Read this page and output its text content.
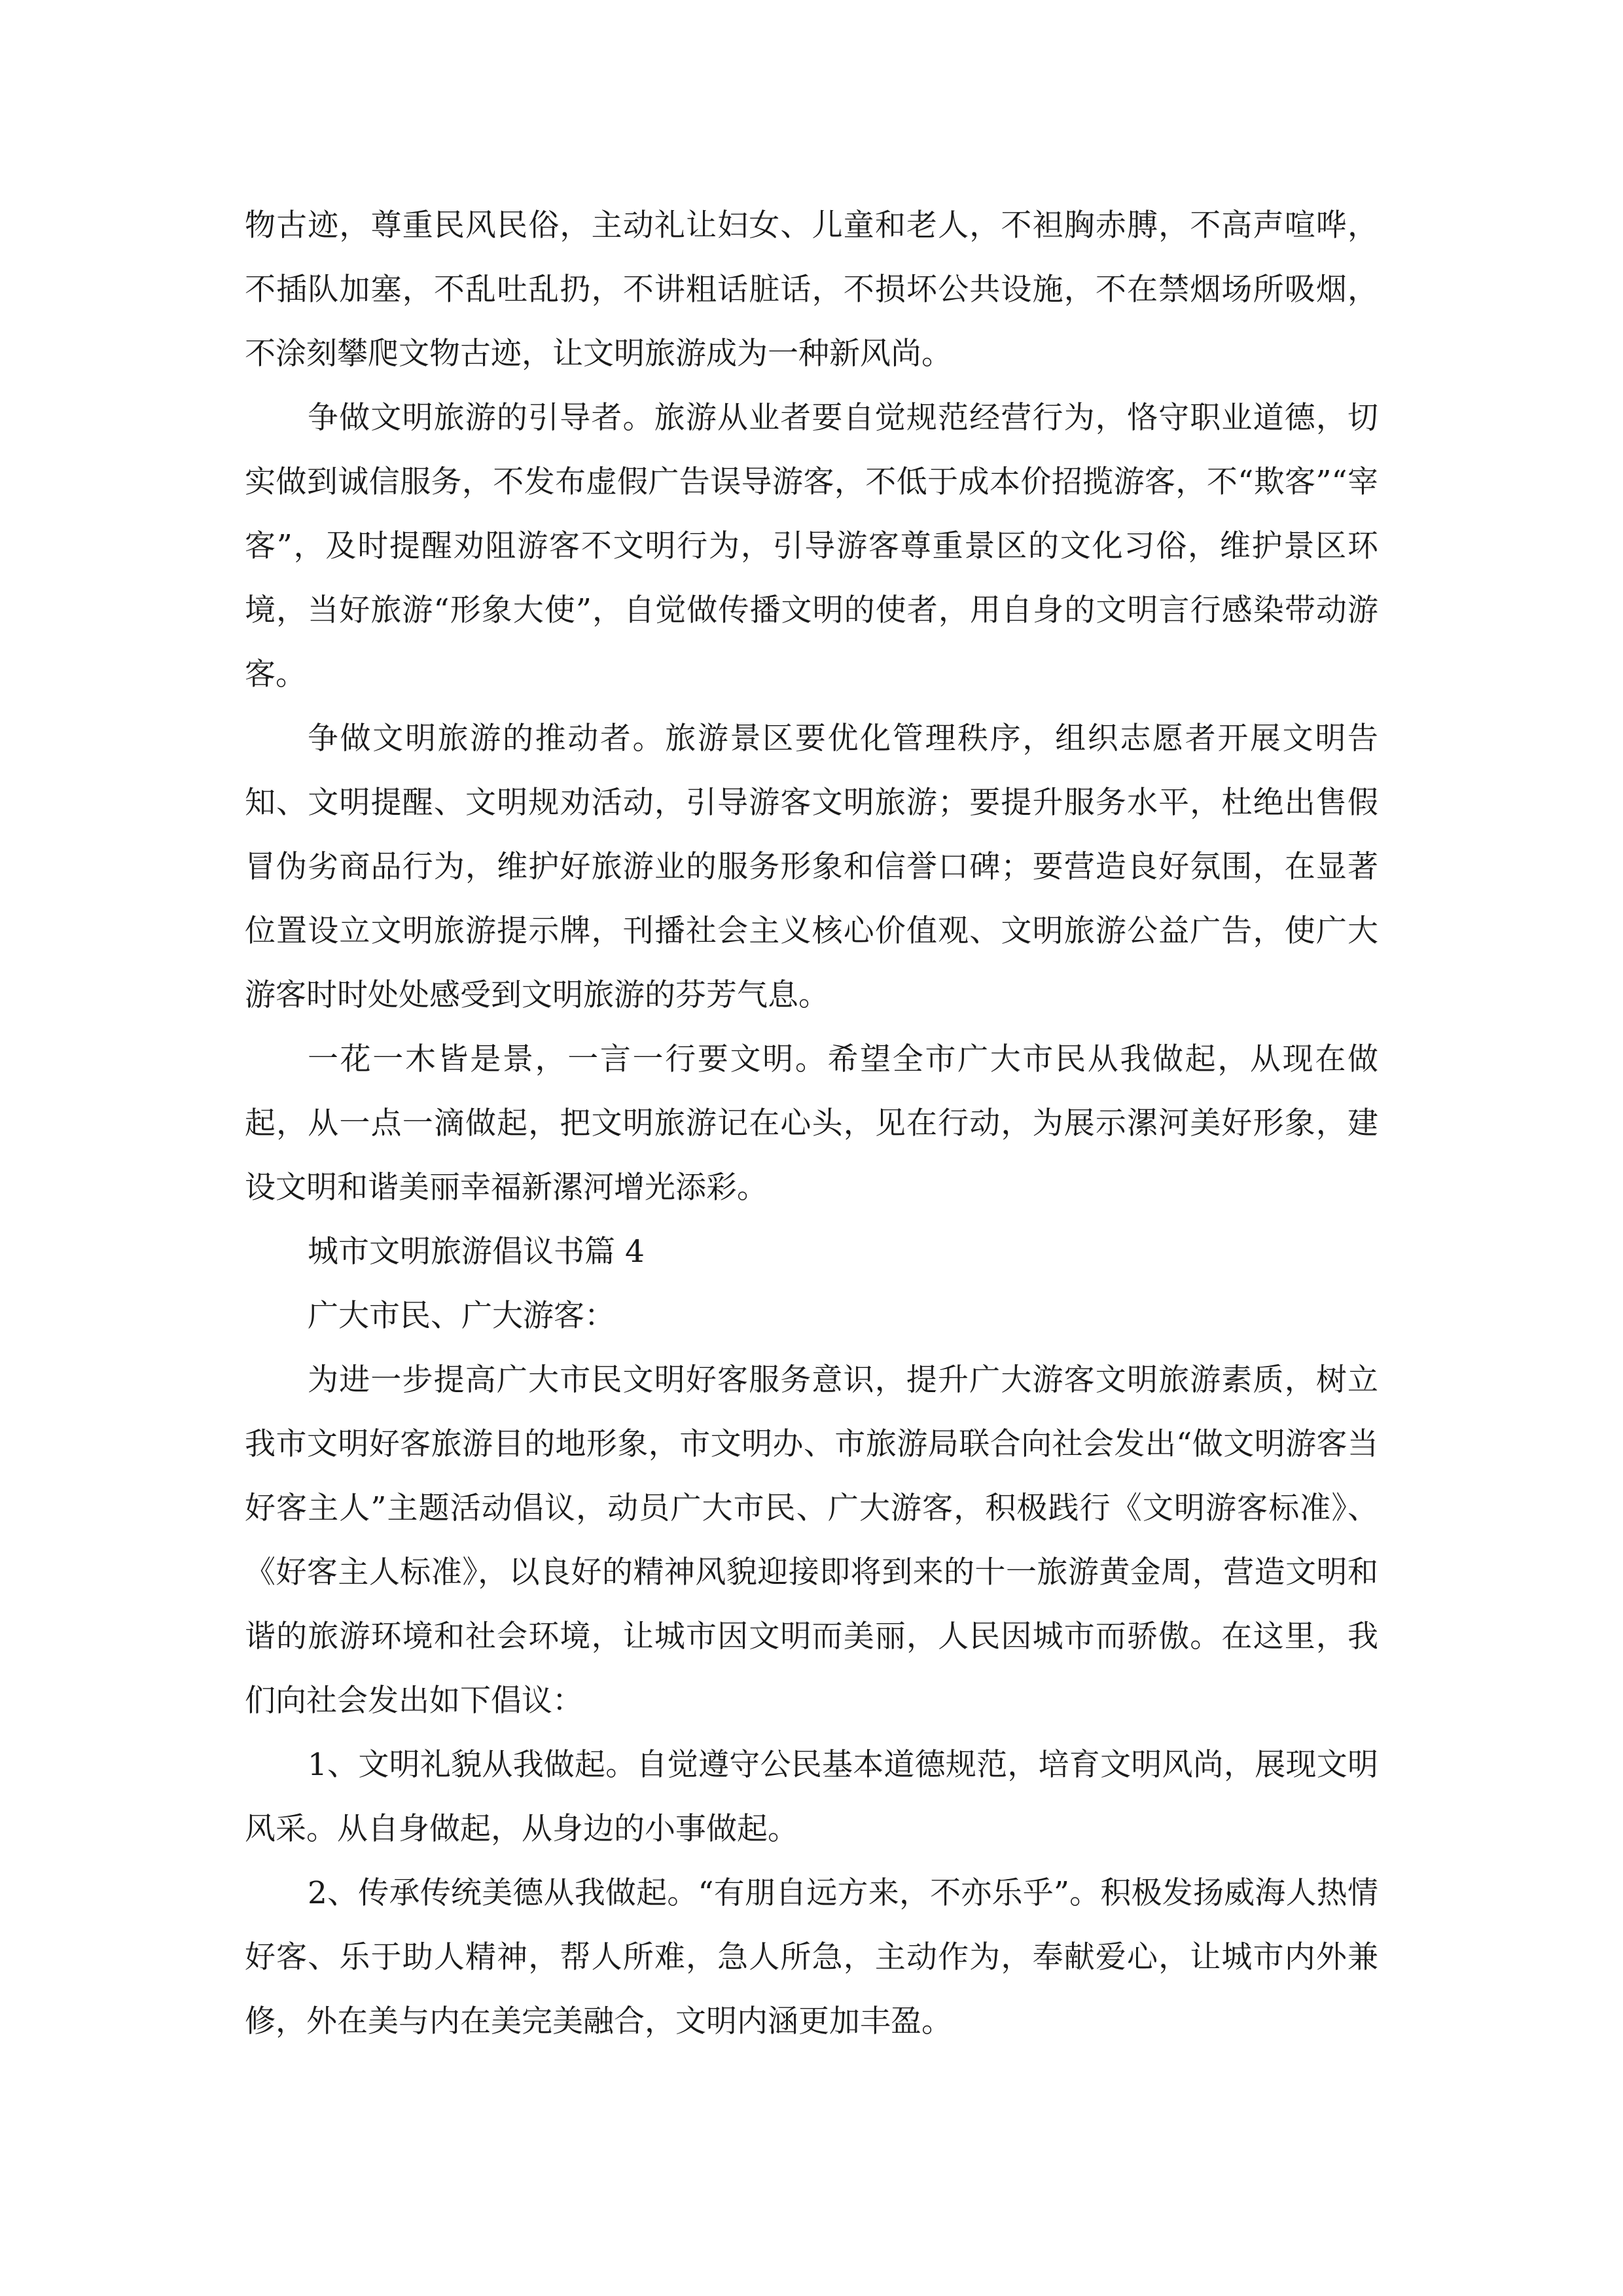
物古迹，尊重民风民俗，主动礼让妇女、儿童和老人，不袒胸赤膊，不高声喧哗，不插队加塞，不乱吐乱扔，不讲粗话脏话，不损坏公共设施，不在禁烟场所吸烟，不涂刻攀爬文物古迹，让文明旅游成为一种新风尚。

争做文明旅游的引导者。旅游从业者要自觉规范经营行为，恪守职业道德，切实做到诚信服务，不发布虚假广告误导游客，不低于成本价招揽游客，不“欺客”“宰客”，及时提醒劝阻游客不文明行为，引导游客尊重景区的文化习俗，维护景区环境，当好旅游“形象大使”，自觉做传播文明的使者，用自身的文明言行感染带动游客。

争做文明旅游的推动者。旅游景区要优化管理秩序，组织志愿者开展文明告知、文明提醒、文明规劝活动，引导游客文明旅游；要提升服务水平，杜绝出售假冒伪劣商品行为，维护好旅游业的服务形象和信誉口碑；要营造良好氛围，在显著位置设立文明旅游提示牌，刊播社会主义核心价值观、文明旅游公益广告，使广大游客时时处处感受到文明旅游的芬芳气息。

一花一木皆是景，一言一行要文明。希望全市广大市民从我做起，从现在做起，从一点一滴做起，把文明旅游记在心头，见在行动，为展示漯河美好形象，建设文明和谐美丽幸福新漯河增光添彩。

城市文明旅游倡议书篇 4

广大市民、广大游客：

为进一步提高广大市民文明好客服务意识，提升广大游客文明旅游素质，树立我市文明好客旅游目的地形象，市文明办、市旅游局联合向社会发出“做文明游客当好客主人”主题活动倡议，动员广大市民、广大游客，积极践行《文明游客标准》、《好客主人标准》，以良好的精神风貌迎接即将到来的十一旅游黄金周，营造文明和谐的旅游环境和社会环境，让城市因文明而美丽，人民因城市而骄傲。在这里，我们向社会发出如下倡议：

1、文明礼貌从我做起。自觉遵守公民基本道德规范，培育文明风尚，展现文明风采。从自身做起，从身边的小事做起。

2、传承传统美德从我做起。“有朋自远方来，不亦乐乎”。积极发扬威海人热情好客、乐于助人精神，帮人所难，急人所急，主动作为，奉献爱心，让城市内外兼修，外在美与内在美完美融合，文明内涵更加丰盈。
